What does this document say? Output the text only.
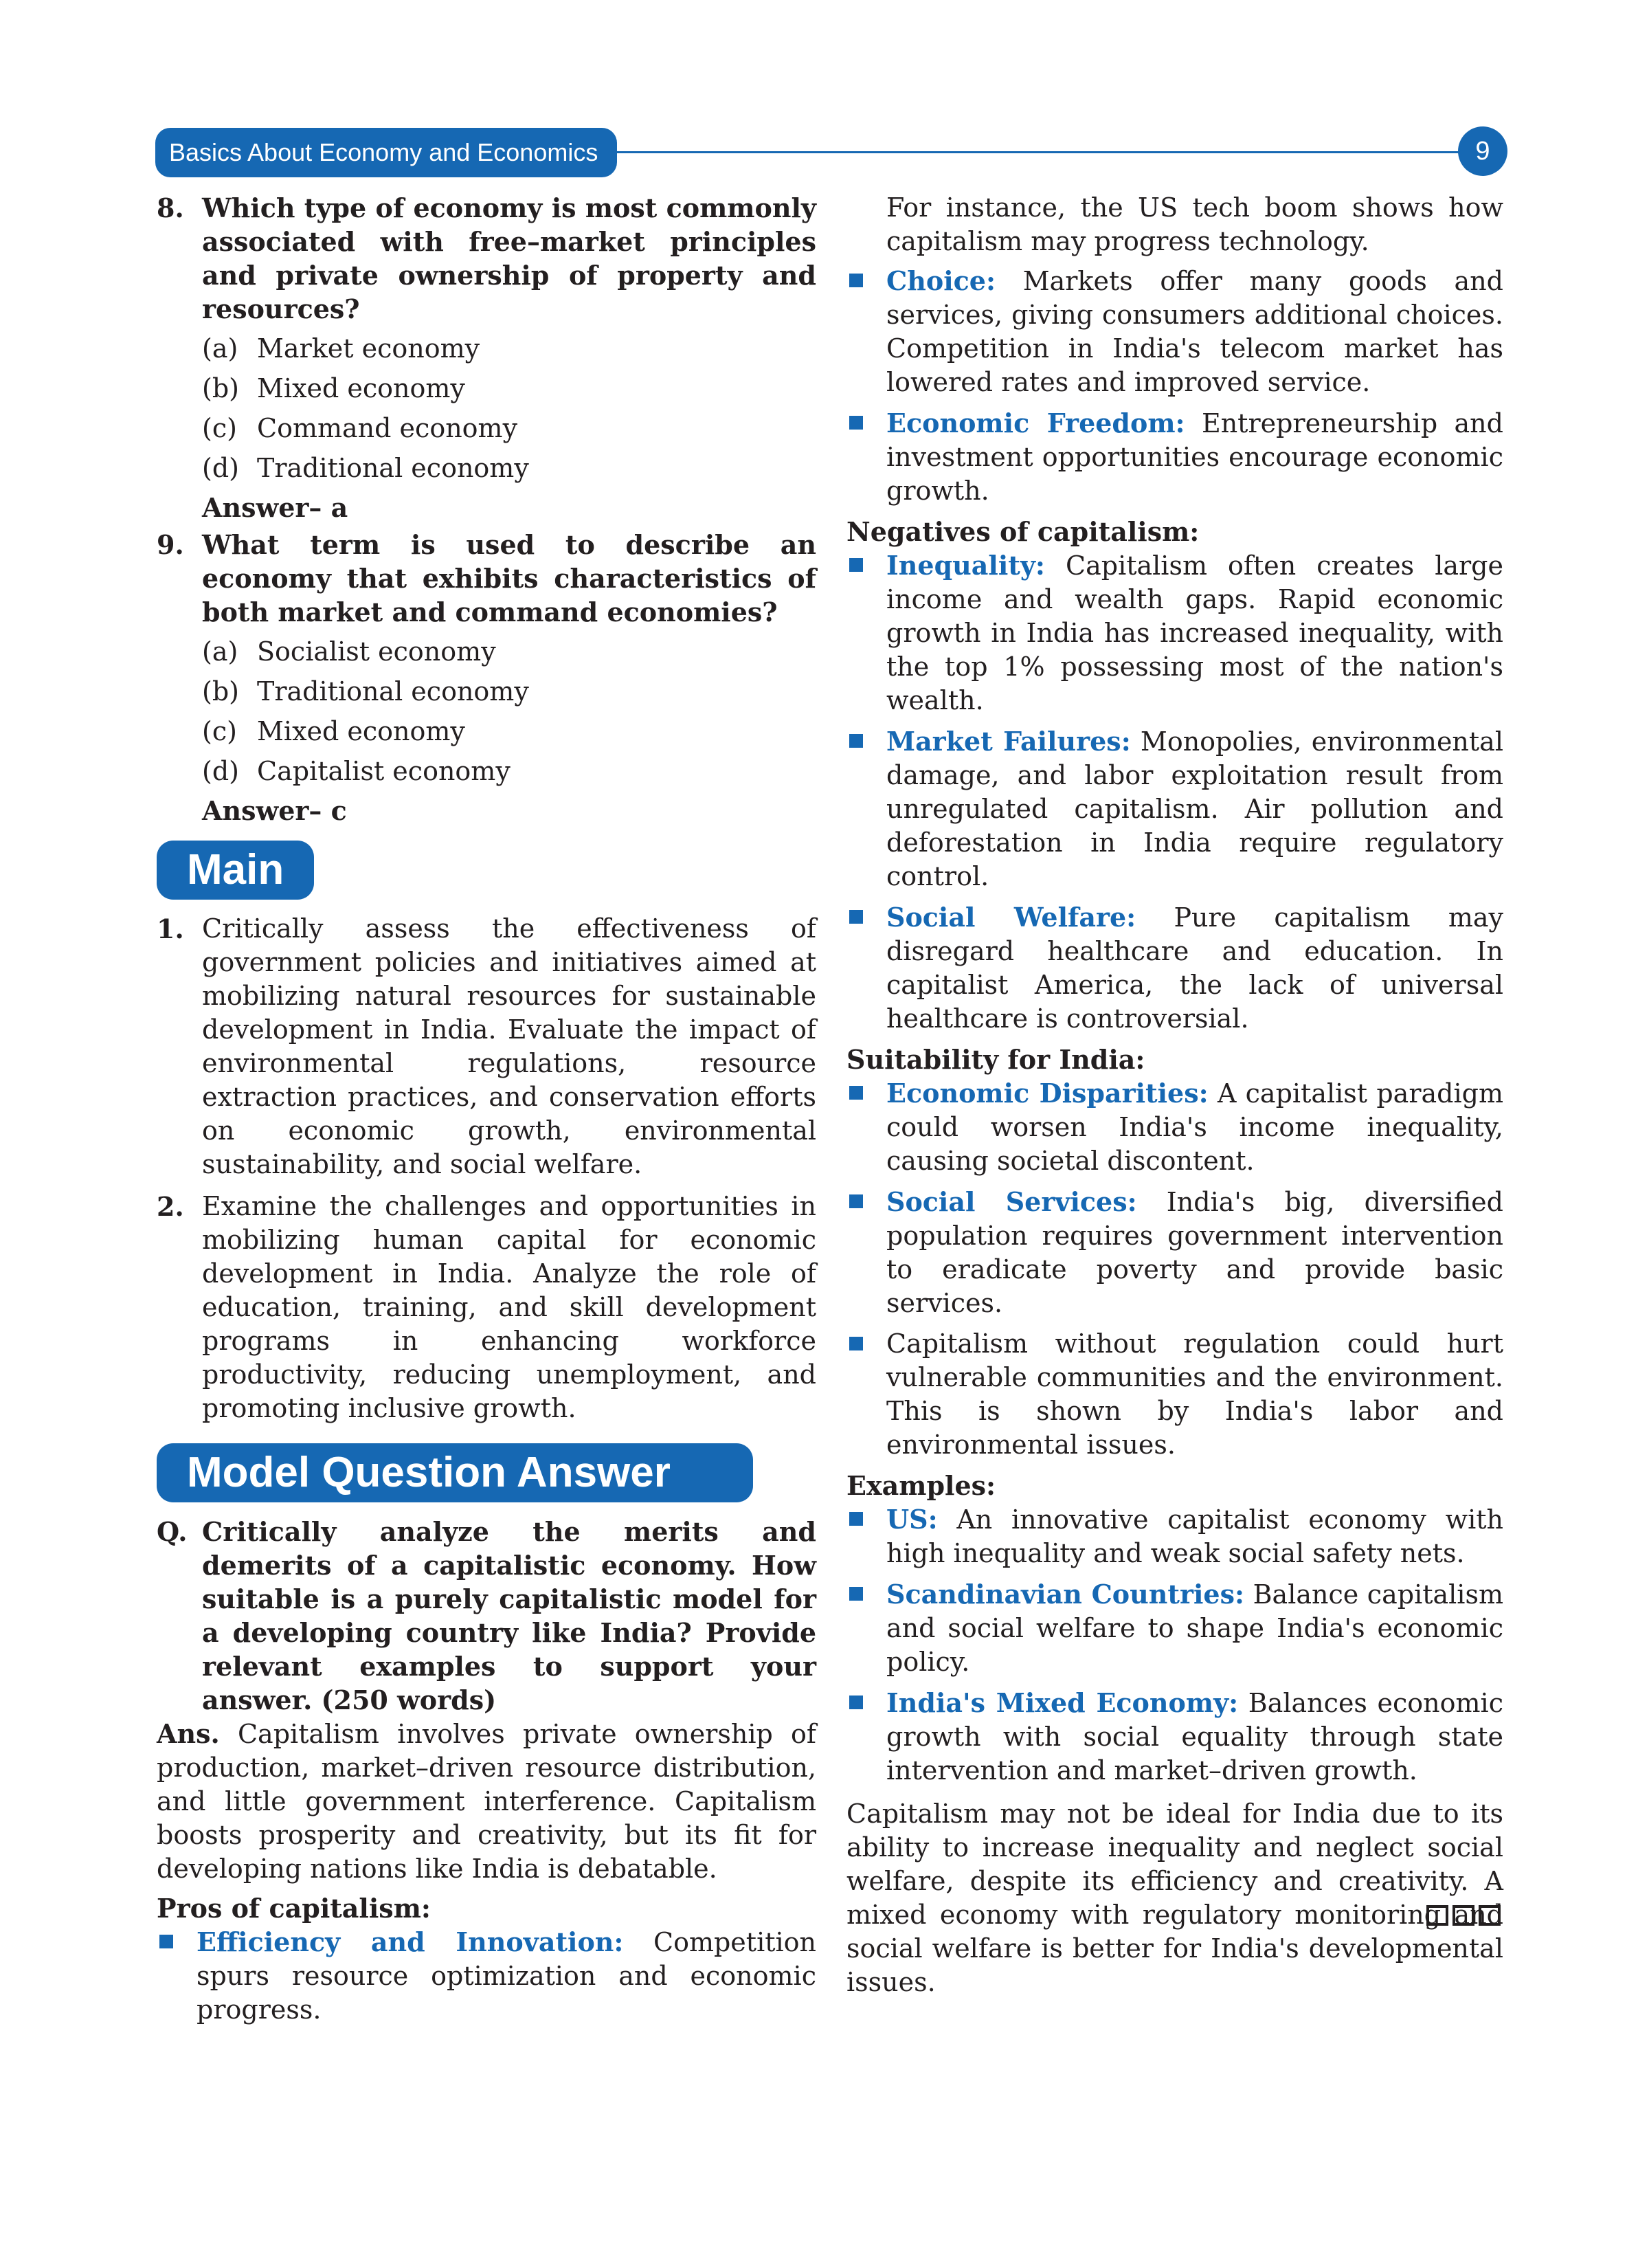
Basics About Economy and Economics	9
8. Which type of economy is most commonly associated with free–market principles and private ownership of property and resources?
(a) Market economy
(b) Mixed economy
(c) Command economy
(d) Traditional economy
Answer– a
9. What term is used to describe an economy that exhibits characteristics of both market and command economies?
(a) Socialist economy
(b) Traditional economy
(c) Mixed economy
(d) Capitalist economy
Answer– c
Main
1. Critically assess the effectiveness of government policies and initiatives aimed at mobilizing natural resources for sustainable development in India. Evaluate the impact of environmental regulations, resource extraction practices, and conservation efforts on economic growth, environmental sustainability, and social welfare.
2. Examine the challenges and opportunities in mobilizing human capital for economic development in India. Analyze the role of education, training, and skill development programs in enhancing workforce productivity, reducing unemployment, and promoting inclusive growth.
Model Question Answer
Q. Critically analyze the merits and demerits of a capitalistic economy. How suitable is a purely capitalistic model for a developing country like India? Provide relevant examples to support your answer. (250 words)

Ans. Capitalism involves private ownership of production, market–driven resource distribution, and little government interference. Capitalism boosts prosperity and creativity, but its fit for developing nations like India is debatable.

Pros of capitalism:
Efficiency and Innovation: Competition spurs resource optimization and economic progress.

For instance, the US tech boom shows how capitalism may progress technology.

Choice: Markets offer many goods and services, giving consumers additional choices. Competition in India's telecom market has lowered rates and improved service.
Economic Freedom: Entrepreneurship and investment opportunities encourage economic growth.
Negatives of capitalism:
Inequality: Capitalism often creates large income and wealth gaps. Rapid economic growth in India has increased inequality, with the top 1% possessing most of the nation's wealth.
Market Failures: Monopolies, environmental damage, and labor exploitation result from unregulated capitalism. Air pollution and deforestation in India require regulatory control.
Social Welfare: Pure capitalism may disregard healthcare and education. In capitalist America, the lack of universal healthcare is controversial.
Suitability for India:
Economic Disparities: A capitalist paradigm could worsen India's income inequality, causing societal discontent.
Social Services: India's big, diversified population requires government intervention to eradicate poverty and provide basic services.
Capitalism without regulation could hurt vulnerable communities and the environment. This is shown by India's labor and environmental issues.
Examples:
US: An innovative capitalist economy with high inequality and weak social safety nets.
Scandinavian Countries: Balance capitalism and social welfare to shape India's economic policy.
India's Mixed Economy: Balances economic growth with social equality through state intervention and market–driven growth.

Capitalism may not be ideal for India due to its ability to increase inequality and neglect social welfare, despite its efficiency and creativity. A mixed economy with regulatory monitoring and social welfare is better for India's developmental issues.
